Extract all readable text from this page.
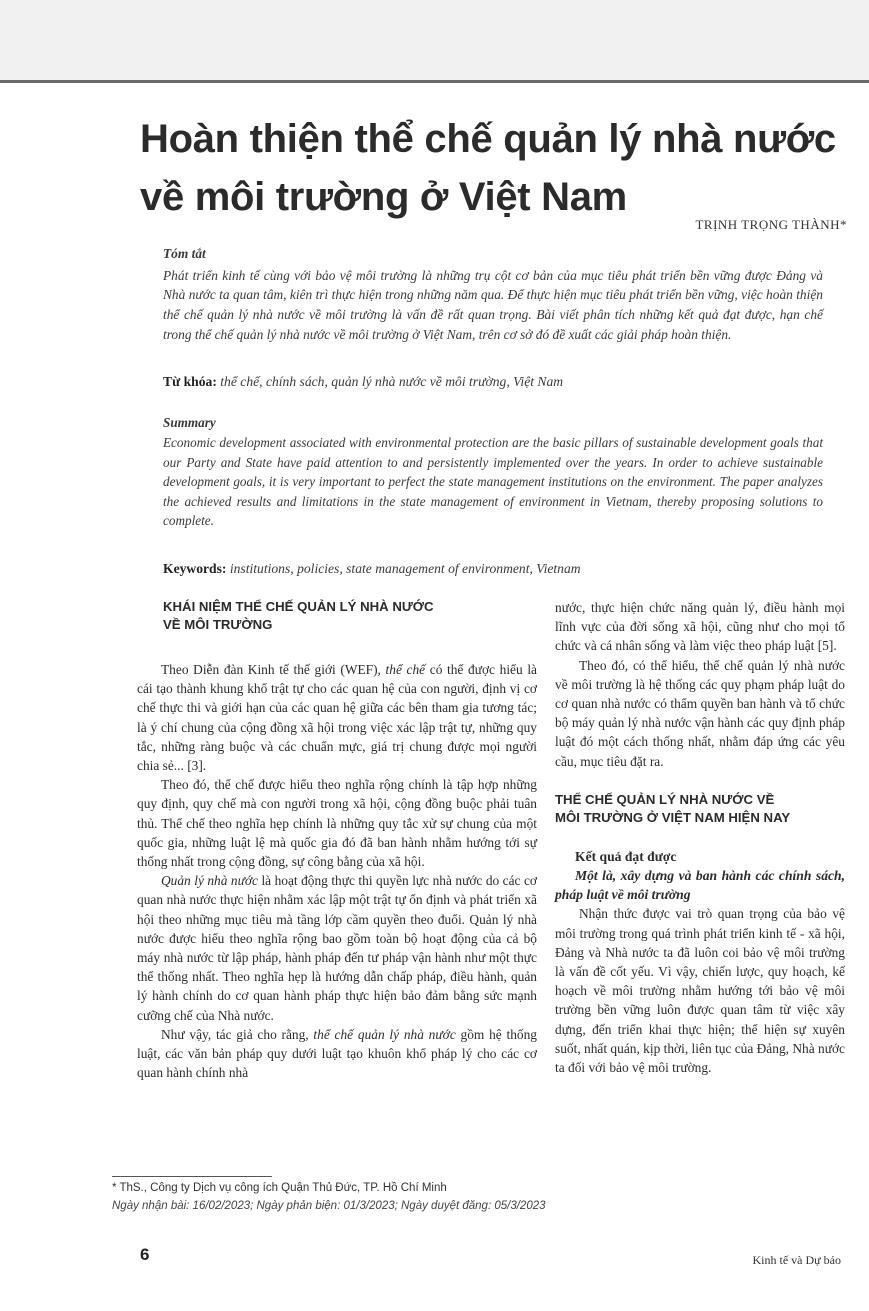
Hoàn thiện thể chế quản lý nhà nước
về môi trường ở Việt Nam
TRỊNH TRỌNG THÀNH*

Tóm tắt

Phát triển kinh tế cùng với bảo vệ môi trường là những trụ cột cơ bản của mục tiêu phát triển bền vững được Đảng và Nhà nước ta quan tâm, kiên trì thực hiện trong những năm qua. Để thực hiện mục tiêu phát triển bền vững, việc hoàn thiện thể chế quản lý nhà nước về môi trường là vấn đề rất quan trọng. Bài viết phân tích những kết quả đạt được, hạn chế trong thể chế quản lý nhà nước về môi trường ở Việt Nam, trên cơ sở đó đề xuất các giải pháp hoàn thiện.

Từ khóa: thể chế, chính sách, quản lý nhà nước về môi trường, Việt Nam

Summary

Economic development associated with environmental protection are the basic pillars of sustainable development goals that our Party and State have paid attention to and persistently implemented over the years. In order to achieve sustainable development goals, it is very important to perfect the state management institutions on the environment. The paper analyzes the achieved results and limitations in the state management of environment in Vietnam, thereby proposing solutions to complete.

Keywords: institutions, policies, state management of environment, Vietnam

KHÁI NIỆM THỂ CHẾ QUẢN LÝ NHÀ NƯỚC
VỀ MÔI TRƯỜNG

Theo Diễn đàn Kinh tế thế giới (WEF), thể chế có thể được hiểu là cái tạo thành khung khổ trật tự cho các quan hệ của con người, định vị cơ chế thực thi và giới hạn của các quan hệ giữa các bên tham gia tương tác; là ý chí chung của cộng đồng xã hội trong việc xác lập trật tự, những quy tắc, những ràng buộc và các chuẩn mực, giá trị chung được mọi người chia sẻ... [3].

Theo đó, thể chế được hiểu theo nghĩa rộng chính là tập hợp những quy định, quy chế mà con người trong xã hội, cộng đồng buộc phải tuân thủ. Thể chế theo nghĩa hẹp chính là những quy tắc xử sự chung của một quốc gia, những luật lệ mà quốc gia đó đã ban hành nhằm hướng tới sự thống nhất trong cộng đồng, sự công bằng của xã hội.

Quản lý nhà nước là hoạt động thực thi quyền lực nhà nước do các cơ quan nhà nước thực hiện nhằm xác lập một trật tự ổn định và phát triển xã hội theo những mục tiêu mà tầng lớp cầm quyền theo đuổi. Quản lý nhà nước được hiểu theo nghĩa rộng bao gồm toàn bộ hoạt động của cả bộ máy nhà nước từ lập pháp, hành pháp đến tư pháp vận hành như một thực thể thống nhất. Theo nghĩa hẹp là hướng dẫn chấp pháp, điều hành, quản lý hành chính do cơ quan hành pháp thực hiện bảo đảm bằng sức mạnh cưỡng chế của Nhà nước.

Như vậy, tác giả cho rằng, thể chế quản lý nhà nước gồm hệ thống luật, các văn bản pháp quy dưới luật tạo khuôn khổ pháp lý cho các cơ quan hành chính nhà

nước, thực hiện chức năng quản lý, điều hành mọi lĩnh vực của đời sống xã hội, cũng như cho mọi tổ chức và cá nhân sống và làm việc theo pháp luật [5].

Theo đó, có thể hiểu, thể chế quản lý nhà nước về môi trường là hệ thống các quy phạm pháp luật do cơ quan nhà nước có thẩm quyền ban hành và tổ chức bộ máy quản lý nhà nước vận hành các quy định pháp luật đó một cách thống nhất, nhằm đáp ứng các yêu cầu, mục tiêu đặt ra.

THỂ CHẾ QUẢN LÝ NHÀ NƯỚC VỀ
MÔI TRƯỜNG Ở VIỆT NAM HIỆN NAY

Kết quả đạt được

Một là, xây dựng và ban hành các chính sách, pháp luật về môi trường

Nhận thức được vai trò quan trọng của bảo vệ môi trường trong quá trình phát triển kinh tế - xã hội, Đảng và Nhà nước ta đã luôn coi bảo vệ môi trường là vấn đề cốt yếu. Vì vậy, chiến lược, quy hoạch, kế hoạch về môi trường nhằm hướng tới bảo vệ môi trường bền vững luôn được quan tâm từ việc xây dựng, đến triển khai thực hiện; thể hiện sự xuyên suốt, nhất quán, kịp thời, liên tục của Đảng, Nhà nước ta đối với bảo vệ môi trường.

* ThS., Công ty Dịch vụ công ích Quận Thủ Đức, TP. Hồ Chí Minh
Ngày nhận bài: 16/02/2023; Ngày phản biện: 01/3/2023; Ngày duyệt đăng: 05/3/2023
6	Kinh tế và Dự báo
